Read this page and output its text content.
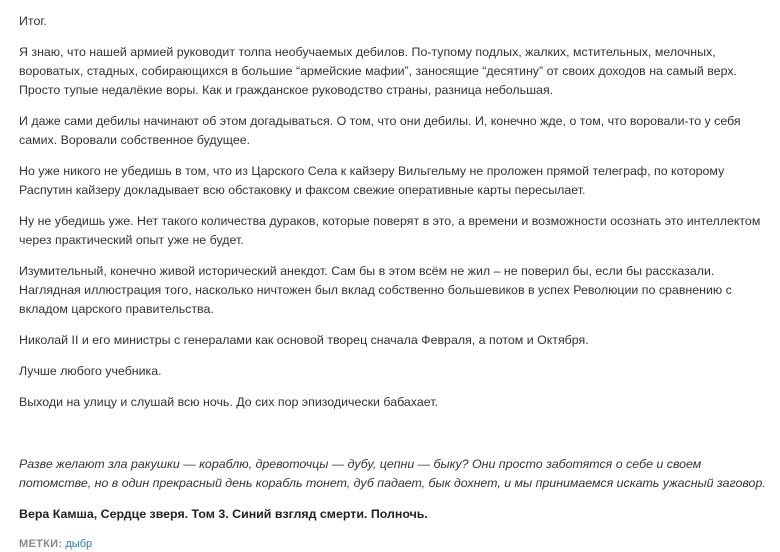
Итог.

Я знаю, что нашей армией руководит толпа необучаемых дебилов. По-тупому подлых, жалких, мстительных, мелочных, вороватых, стадных, собирающихся в большие “армейские мафии”, заносящие “десятину” от своих доходов на самый верх. Просто тупые недалёкие воры. Как и гражданское руководство страны, разница небольшая.

И даже сами дебилы начинают об этом догадываться. О том, что они дебилы. И, конечно жде, о том, что воровали-то у себя самих. Воровали собственное будущее.

Но уже никого не убедишь в том, что из Царского Села к кайзеру Вильгельму не проложен прямой телеграф, по которому Распутин кайзеру докладывает всю обстаковку и факсом свежие оперативные карты пересылает.

Ну не убедишь уже. Нет такого количества дураков, которые поверят в это, а времени и возможности осознать это интеллектом через практический опыт уже не будет.

Изумительный, конечно живой исторический анекдот. Сам бы в этом всём не жил – не поверил бы, если бы рассказали.

Наглядная иллюстрация того, насколько ничтожен был вклад собственно большевиков в успех Революции по сравнению с вкладом царского правительства.

Николай II и его министры с генералами как основой творец сначала Февраля, а потом и Октября.

Лучше любого учебника.

Выходи на улицу и слушай всю ночь. До сих пор эпизодически бабахает.

Разве желают зла ракушки — кораблю, древоточцы — дубу, цепни — быку? Они просто заботятся о себе и своем потомстве, но в один прекрасный день корабль тонет, дуб падает, бык дохнет, и мы принимаемся искать ужасный заговор.

Вера Камша, Сердце зверя. Том 3. Синий взгляд смерти. Полночь.

МЕТКИ: дыбр
